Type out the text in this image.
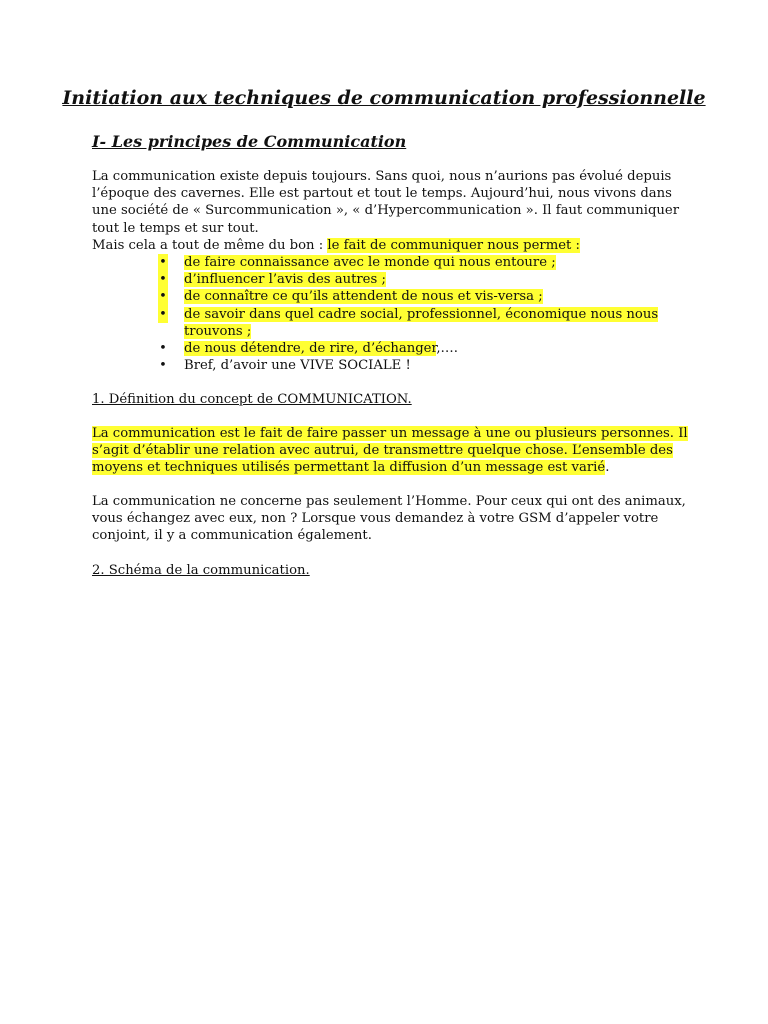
Initiation aux techniques de communication professionnelle
I- Les principes de Communication
La communication existe depuis toujours. Sans quoi, nous n’aurions pas évolué depuis
l’époque des cavernes. Elle est partout et tout le temps. Aujourd’hui, nous vivons dans
une société de « Surcommunication », « d’Hypercommunication ». Il faut communiquer
tout le temps et sur tout.
Mais cela a tout de même du bon : le fait de communiquer nous permet :
• de faire connaissance avec le monde qui nous entoure ;
• d’influencer l’avis des autres ;
• de connaître ce qu’ils attendent de nous et vis-versa ;
• de savoir dans quel cadre social, professionnel, économique nous nous
trouvons ;
• de nous détendre, de rire, d’échanger,….
• Bref, d’avoir une VIVE SOCIALE !
1. Définition du concept de COMMUNICATION.
La communication est le fait de faire passer un message à une ou plusieurs personnes. Il
s’agit d’établir une relation avec autrui, de transmettre quelque chose. L’ensemble des
moyens et techniques utilisés permettant la diffusion d’un message est varié.
La communication ne concerne pas seulement l’Homme. Pour ceux qui ont des animaux,
vous échangez avec eux, non ? Lorsque vous demandez à votre GSM d’appeler votre
conjoint, il y a communication également.
2. Schéma de la communication.
